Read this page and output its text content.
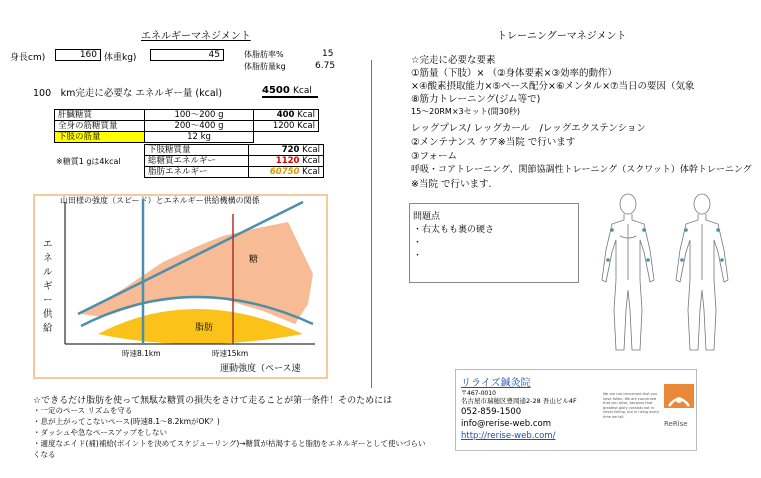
エネルギーマネジメント
身長cm)	160 体重kg)	45	体脂肪率%	15
体脂肪量kg	6.75
100　km完走に必要な エネルギー量 (kcal)	4500 Kcal
肝臓糖質	100〜200 g	400 Kcal
全身の筋糖質量	200〜400 g	1200 Kcal
下肢の筋量	12 kg	
※糖質1 gは4kcal
下肢糖質量	720 Kcal
総糖質エネルギー	1120 Kcal
脂肪エネルギー	60750 Kcal
山田様の強度（スピード）とエネルギー供給機構の関係
エネルギー供給
糖
脂肪
時速8.1km	時速15km
運動強度（ペース速
☆できるだけ脂肪を使って無駄な糖質の損失をさけて走ることが第一条件！そのためには
・一定のペース リズムを守る
・息が上がってこないペース(時速8.1〜8.2kmがOK？)
・ダッシュや急なペースアップをしない
・適度なエイド(補)補給(ポイントを決めてスケジューリング)→糖質が枯渇すると脂肪をエネルギーとして使いづらい
くなる
トレーニングーマネジメント
☆完走に必要な要素
①筋量（下肢）× （②身体要素×③効率的動作）
×④酸素摂取能力×⑤ペース配分×⑥メンタル×⑦当日の要因（気象
⑧筋力トレーニング(ジム等で)
15〜20RM×3セット(間30秒)
レッグプレス/ レッグカール　/レッグエクステンション
②メンテナンス ケア※当院 で行います
③フォーム
呼吸・コアトレーニング、関節協調性トレーニング（スクワット）体幹トレーニング
※当院 で行います.
問題点
・右太もも裏の硬さ
・
・
リライズ鍼灸院
〒467-0010
名古屋市瑞穂区豊岡通2-28 吾山ビル4F
052-859-1500
info@rerise-web.com
http://rerise-web.com/
We are not concerned that you have fallen. We are concerned that you arise, because that greatest glory consists not in never failing, but in rising every time we fall.
ReRise
